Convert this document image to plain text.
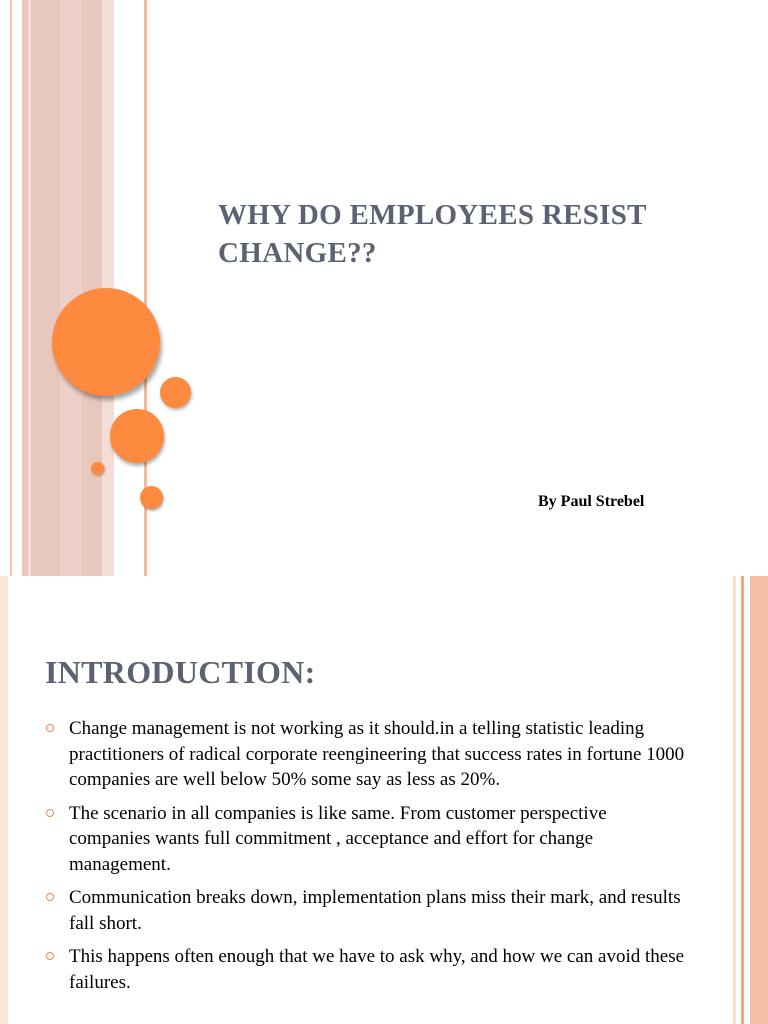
WHY DO EMPLOYEES RESIST
CHANGE??
By Paul Strebel
INTRODUCTION:
Change management is not working as it should.in a telling statistic leading practitioners of radical corporate reengineering that success rates in fortune 1000 companies are well below 50% some say as less as 20%.
The scenario in all companies is like same. From customer perspective companies wants full commitment , acceptance and effort for change management.
Communication breaks down, implementation plans miss their mark, and results fall short.
This happens often enough that we have to ask why, and how we can avoid these failures.
